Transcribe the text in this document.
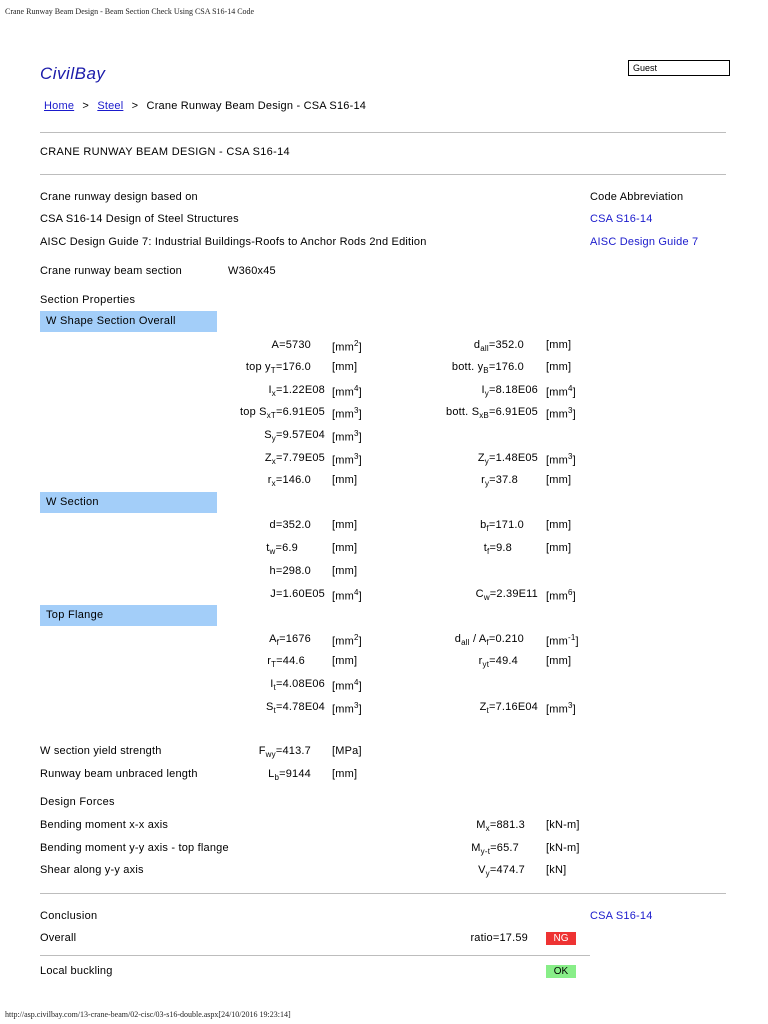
Crane Runway Beam Design - Beam Section Check Using CSA S16-14 Code
http://asp.civilbay.com/13-crane-beam/02-cisc/03-s16-double.aspx[24/10/2016 19:23:14]
CivilBay	Guest
Home > Steel > Crane Runway Beam Design - CSA S16-14
CRANE RUNWAY BEAM DESIGN - CSA S16-14
Crane runway design based on	Code Abbreviation
CSA S16-14 Design of Steel Structures	CSA S16-14
AISC Design Guide 7: Industrial Buildings-Roofs to Anchor Rods 2nd Edition	AISC Design Guide 7
Crane runway beam section	W360x45
Section Properties
W Shape Section Overall
A=5730 $[mm^2]$	$d_{all}=352.0$ [mm]
top $y_T=176.0$ [mm]	bott. $y_B=176.0$ [mm]
$I_x=1.22E08$ $[mm^4]$	$I_y=8.18E06$ $[mm^4]$
top $S_{xT}=6.91E05$ $[mm^3]$	bott. $S_{xB}=6.91E05$ $[mm^3]$
$S_y=9.57E04$ $[mm^3]$
$Z_x=7.79E05$ $[mm^3]$	$Z_y=1.48E05$ $[mm^3]$
$r_x=146.0$ [mm]	$r_y=37.8$	[mm]
W Section
d=352.0 [mm]	$b_f=171.0$ [mm]
$t_w=6.9$	[mm]	$t_f=9.8$	[mm]
h=298.0 [mm]
J=1.60E05 $[mm^4]$	$C_w=2.39E11$ $[mm^6]$
Top Flange
$A_f=1676$ $[mm^2]$	$d_{all} / A_f=0.210$ $[mm^{-1}]$
$r_T=44.6$ [mm]	$r_{yt}=49.4$	[mm]
$I_t=4.08E06$ $[mm^4]$
$S_t=4.78E04$ $[mm^3]$	$Z_t=7.16E04$ $[mm^3]$
W section yield strength	$F_{wy}=413.7$ [MPa]
Runway beam unbraced length	$L_b=9144$ [mm]
Design Forces
Bending moment x-x axis	$M_x=881.3$ [kN-m]
Bending moment y-y axis - top flange	$M_{y-t}=65.7$ [kN-m]
Shear along y-y axis	$V_y=474.7$ [kN]
Conclusion	CSA S16-14
Overall	ratio=17.59	NG
Local buckling	OK
